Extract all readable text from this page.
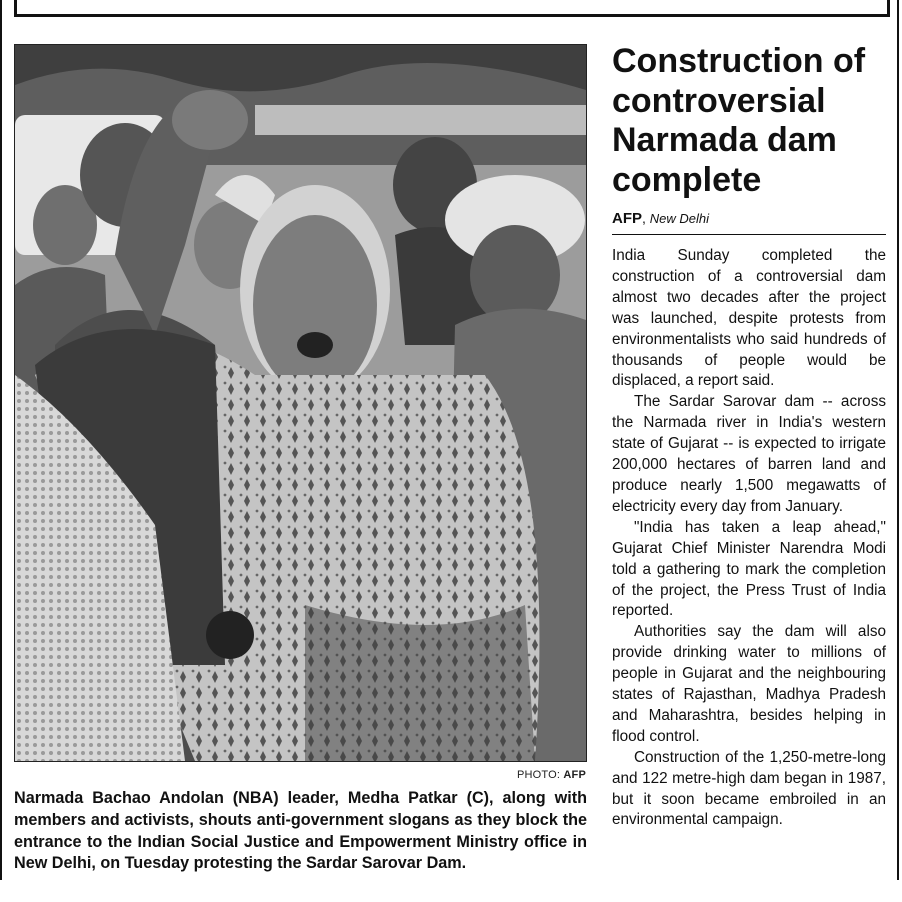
PHOTO: AFP
Narmada Bachao Andolan (NBA) leader, Medha Patkar (C), along with members and activists, shouts anti-government slogans as they block the entrance to the Indian Social Justice and Empowerment Ministry office in New Delhi, on Tuesday protesting the Sardar Sarovar Dam.
Construction of controversial Narmada dam complete
AFP, New Delhi

India Sunday completed the construction of a controversial dam almost two decades after the project was launched, despite protests from environmentalists who said hundreds of thousands of people would be displaced, a report said.

The Sardar Sarovar dam -- across the Narmada river in India's western state of Gujarat -- is expected to irrigate 200,000 hectares of barren land and produce nearly 1,500 megawatts of electricity every day from January.

"India has taken a leap ahead," Gujarat Chief Minister Narendra Modi told a gathering to mark the completion of the project, the Press Trust of India reported.

Authorities say the dam will also provide drinking water to millions of people in Gujarat and the neighbouring states of Rajasthan, Madhya Pradesh and Maharashtra, besides helping in flood control.

Construction of the 1,250-metre-long and 122 metre-high dam began in 1987, but it soon became embroiled in an environmental campaign.
